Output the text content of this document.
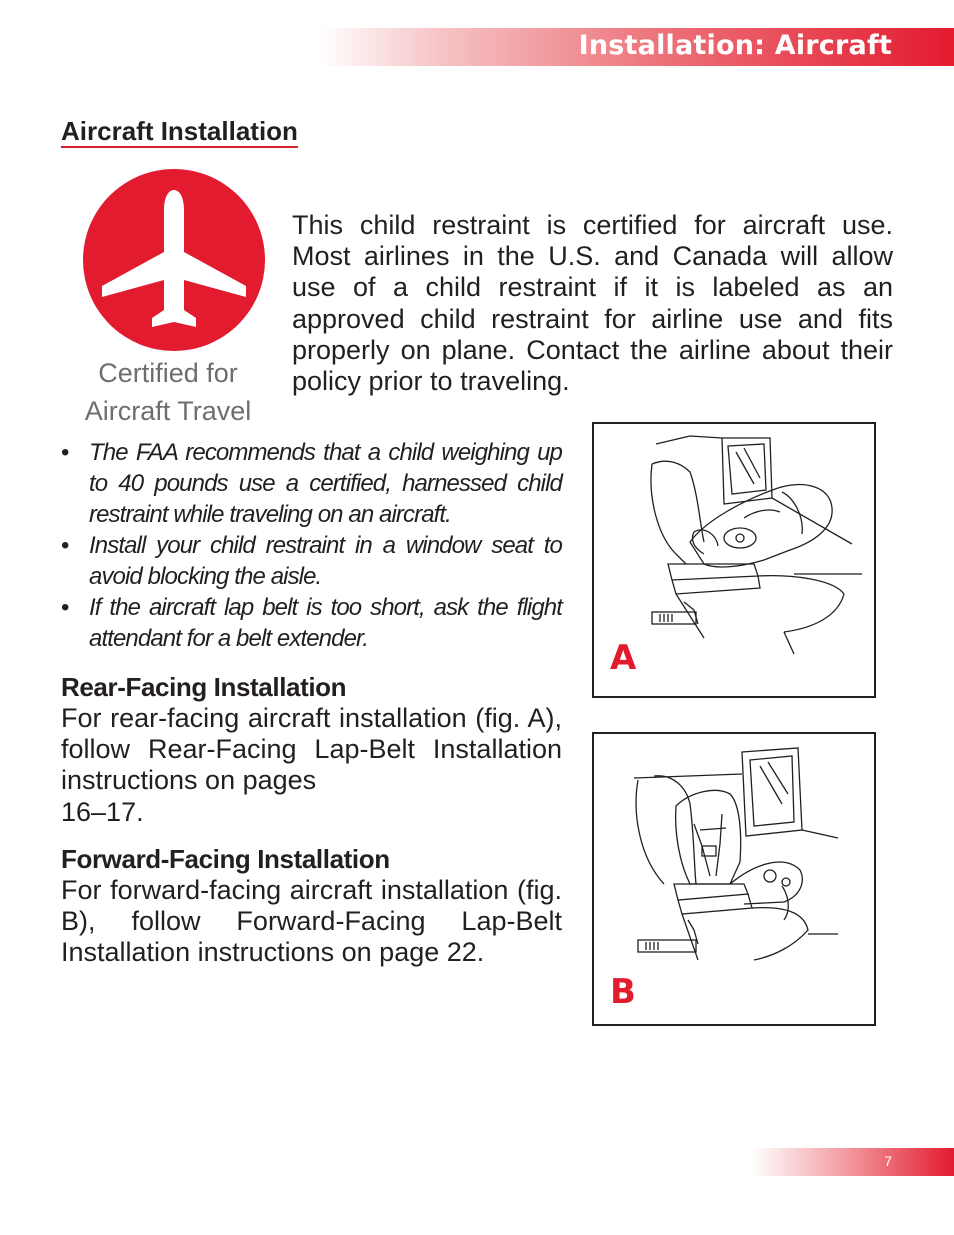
Installation: Aircraft
Aircraft Installation
Certified for
Aircraft Travel

This child restraint is certified for aircraft use. Most airlines in the U.S. and Canada will allow use of a child restraint if it is labeled as an approved child restraint for airline use and fits properly on plane. Contact the airline about their policy prior to traveling.

• The FAA recommends that a child weighing up to 40 pounds use a certified, harnessed child restraint while traveling on an aircraft.
• Install your child restraint in a window seat to avoid blocking the aisle.
• If the aircraft lap belt is too short, ask the flight attendant for a belt extender.
Rear-Facing Installation

For rear-facing aircraft installation (fig. A), follow Rear-Facing Lap-Belt Installation instructions on pages

16–17.

Forward-Facing Installation

For forward-facing aircraft installation (fig. B), follow Forward-Facing Lap-Belt Installation instructions on page 22.

A
B
7
